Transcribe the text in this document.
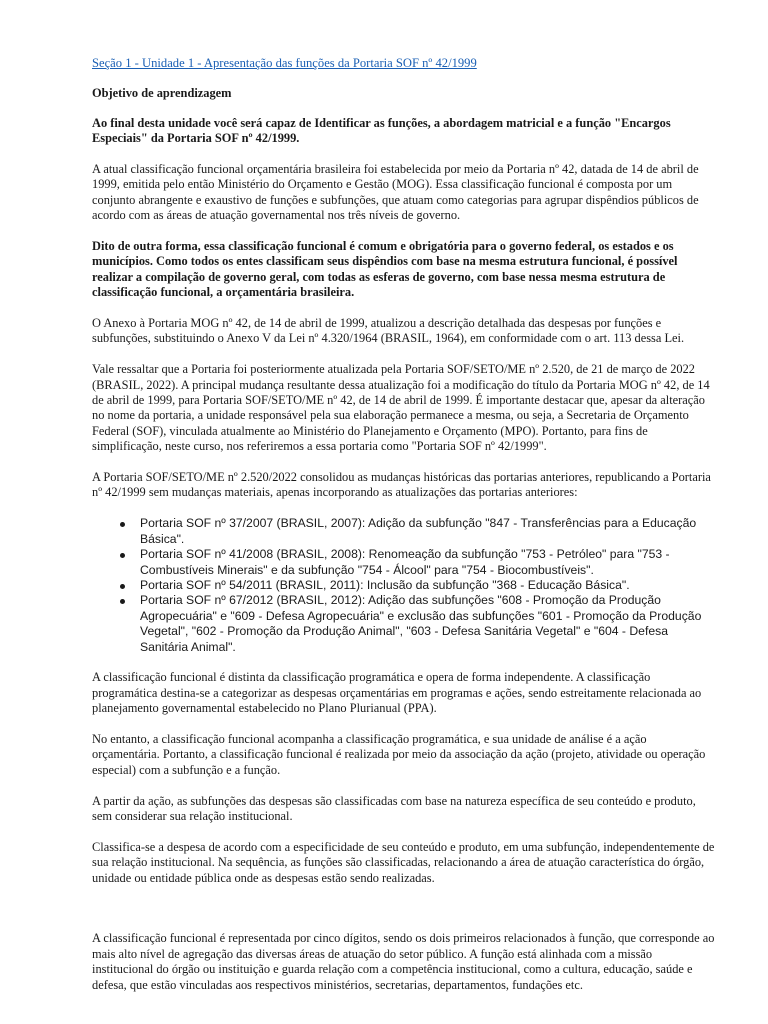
Seção 1 - Unidade 1 - Apresentação das funções da Portaria SOF nº 42/1999

Objetivo de aprendizagem

Ao final desta unidade você será capaz de Identificar as funções, a abordagem matricial e a função "Encargos Especiais" da Portaria SOF nº 42/1999.

A atual classificação funcional orçamentária brasileira foi estabelecida por meio da Portaria nº 42, datada de 14 de abril de 1999, emitida pelo então Ministério do Orçamento e Gestão (MOG). Essa classificação funcional é composta por um conjunto abrangente e exaustivo de funções e subfunções, que atuam como categorias para agrupar dispêndios públicos de acordo com as áreas de atuação governamental nos três níveis de governo.

Dito de outra forma, essa classificação funcional é comum e obrigatória para o governo federal, os estados e os municípios. Como todos os entes classificam seus dispêndios com base na mesma estrutura funcional, é possível realizar a compilação de governo geral, com todas as esferas de governo, com base nessa mesma estrutura de classificação funcional, a orçamentária brasileira.

O Anexo à Portaria MOG nº 42, de 14 de abril de 1999, atualizou a descrição detalhada das despesas por funções e subfunções, substituindo o Anexo V da Lei nº 4.320/1964 (BRASIL, 1964), em conformidade com o art. 113 dessa Lei.

Vale ressaltar que a Portaria foi posteriormente atualizada pela Portaria SOF/SETO/ME nº 2.520, de 21 de março de 2022 (BRASIL, 2022). A principal mudança resultante dessa atualização foi a modificação do título da Portaria MOG nº 42, de 14 de abril de 1999, para Portaria SOF/SETO/ME nº 42, de 14 de abril de 1999. É importante destacar que, apesar da alteração no nome da portaria, a unidade responsável pela sua elaboração permanece a mesma, ou seja, a Secretaria de Orçamento Federal (SOF), vinculada atualmente ao Ministério do Planejamento e Orçamento (MPO). Portanto, para fins de simplificação, neste curso, nos referiremos a essa portaria como "Portaria SOF nº 42/1999".

A Portaria SOF/SETO/ME nº 2.520/2022 consolidou as mudanças históricas das portarias anteriores, republicando a Portaria nº 42/1999 sem mudanças materiais, apenas incorporando as atualizações das portarias anteriores:

Portaria SOF nº 37/2007 (BRASIL, 2007): Adição da subfunção "847 - Transferências para a Educação Básica".
Portaria SOF nº 41/2008 (BRASIL, 2008): Renomeação da subfunção "753 - Petróleo" para "753 - Combustíveis Minerais" e da subfunção "754 - Álcool" para "754 - Biocombustíveis".
Portaria SOF nº 54/2011 (BRASIL, 2011): Inclusão da subfunção "368 - Educação Básica".
Portaria SOF nº 67/2012 (BRASIL, 2012): Adição das subfunções "608 - Promoção da Produção Agropecuária" e "609 - Defesa Agropecuária" e exclusão das subfunções "601 - Promoção da Produção Vegetal", "602 - Promoção da Produção Animal", "603 - Defesa Sanitária Vegetal" e "604 - Defesa Sanitária Animal".

A classificação funcional é distinta da classificação programática e opera de forma independente. A classificação programática destina-se a categorizar as despesas orçamentárias em programas e ações, sendo estreitamente relacionada ao planejamento governamental estabelecido no Plano Plurianual (PPA).

No entanto, a classificação funcional acompanha a classificação programática, e sua unidade de análise é a ação orçamentária. Portanto, a classificação funcional é realizada por meio da associação da ação (projeto, atividade ou operação especial) com a subfunção e a função.

A partir da ação, as subfunções das despesas são classificadas com base na natureza específica de seu conteúdo e produto, sem considerar sua relação institucional.

Classifica-se a despesa de acordo com a especificidade de seu conteúdo e produto, em uma subfunção, independentemente de sua relação institucional. Na sequência, as funções são classificadas, relacionando a área de atuação característica do órgão, unidade ou entidade pública onde as despesas estão sendo realizadas.

A classificação funcional é representada por cinco dígitos, sendo os dois primeiros relacionados à função, que corresponde ao mais alto nível de agregação das diversas áreas de atuação do setor público. A função está alinhada com a missão institucional do órgão ou instituição e guarda relação com a competência institucional, como a cultura, educação, saúde e defesa, que estão vinculadas aos respectivos ministérios, secretarias, departamentos, fundações etc.
